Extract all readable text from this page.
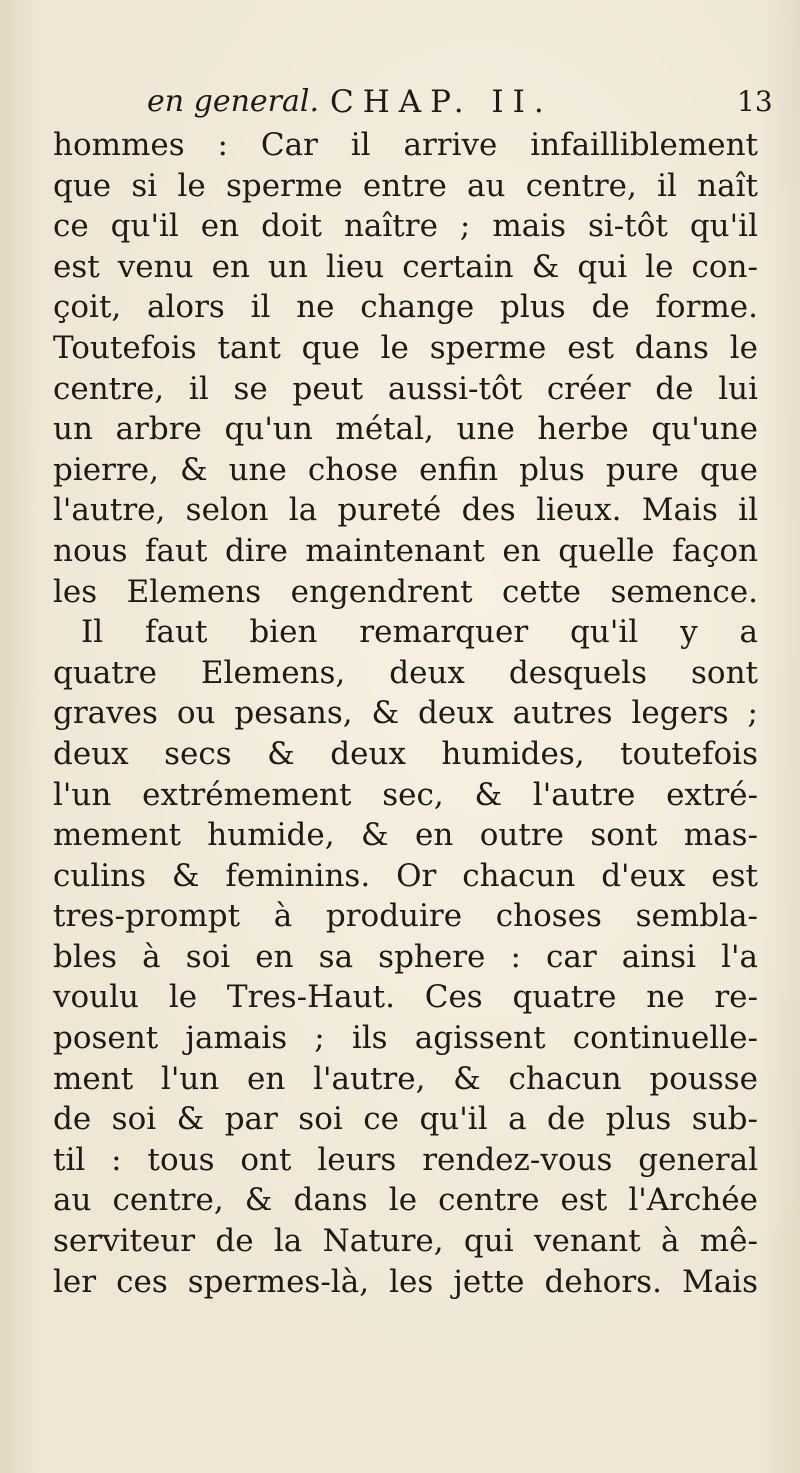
en general. CHAP. II.	13
hommes : Car il arrive infailliblement
que si le sperme entre au centre, il naît
ce qu'il en doit naître ; mais si-tôt qu'il
est venu en un lieu certain & qui le con-
çoit, alors il ne change plus de forme.
Toutefois tant que le sperme est dans le
centre, il se peut aussi-tôt créer de lui
un arbre qu'un métal, une herbe qu'une
pierre, & une chose enfin plus pure que
l'autre, selon la pureté des lieux. Mais il
nous faut dire maintenant en quelle façon
les Elemens engendrent cette semence.
Il faut bien remarquer qu'il y a
quatre Elemens, deux desquels sont
graves ou pesans, & deux autres legers ;
deux secs & deux humides, toutefois
l'un extrémement sec, & l'autre extré-
mement humide, & en outre sont mas-
culins & feminins. Or chacun d'eux est
tres-prompt à produire choses sembla-
bles à soi en sa sphere : car ainsi l'a
voulu le Tres-Haut. Ces quatre ne re-
posent jamais ; ils agissent continuelle-
ment l'un en l'autre, & chacun pousse
de soi & par soi ce qu'il a de plus sub-
til : tous ont leurs rendez-vous general
au centre, & dans le centre est l'Archée
serviteur de la Nature, qui venant à mê-
ler ces spermes-là, les jette dehors. Mais
